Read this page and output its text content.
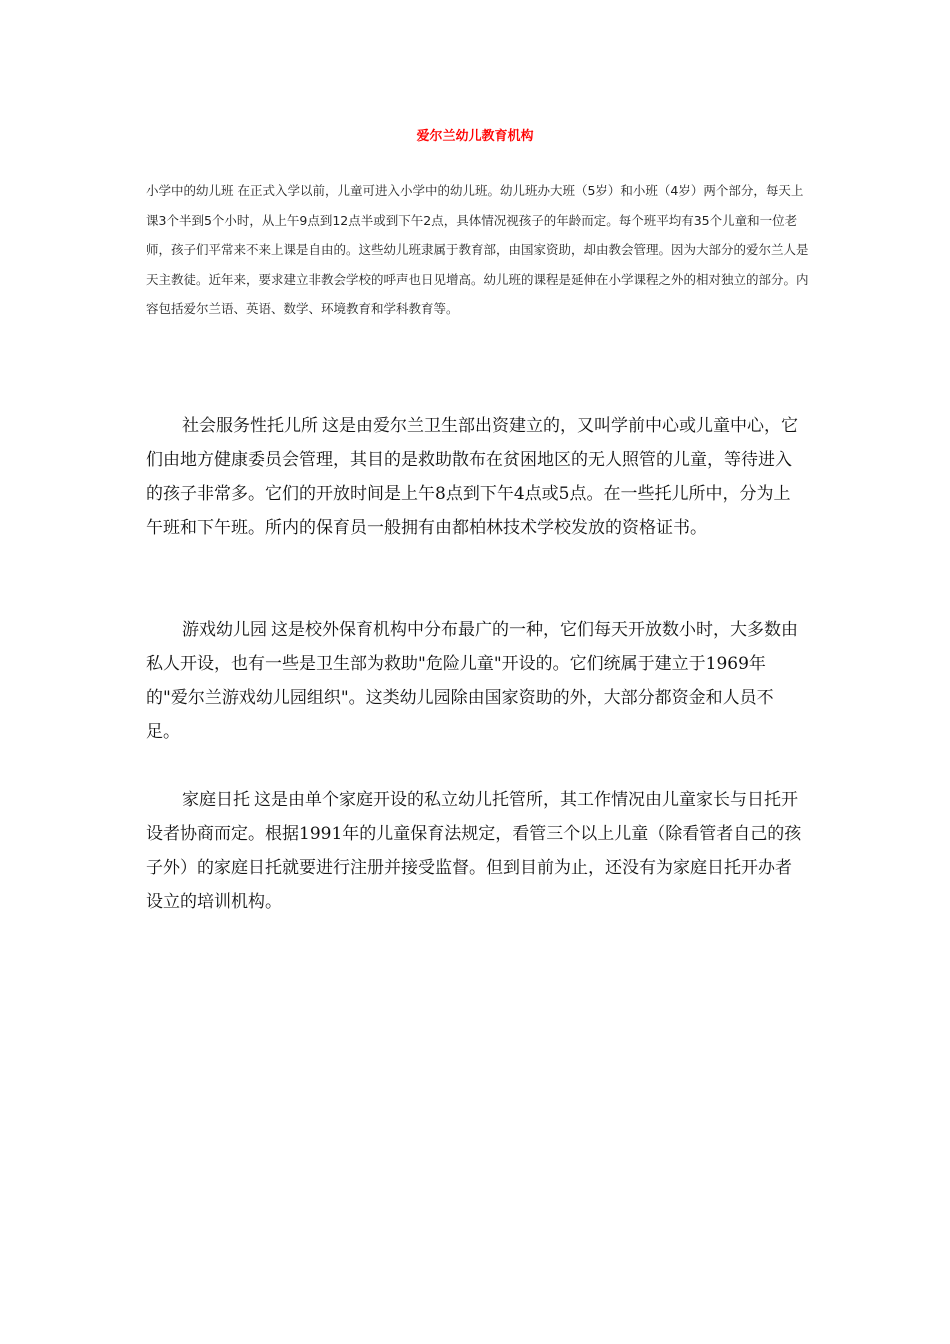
爱尔兰幼儿教育机构

小学中的幼儿班 在正式入学以前，儿童可进入小学中的幼儿班。幼儿班办大班（5岁）和小班（4岁）两个部分，每天上课3个半到5个小时，从上午9点到12点半或到下午2点，具体情况视孩子的年龄而定。每个班平均有35个儿童和一位老师，孩子们平常来不来上课是自由的。这些幼儿班隶属于教育部，由国家资助，却由教会管理。因为大部分的爱尔兰人是天主教徒。近年来，要求建立非教会学校的呼声也日见增高。幼儿班的课程是延伸在小学课程之外的相对独立的部分。内容包括爱尔兰语、英语、数学、环境教育和学科教育等。

社会服务性托儿所 这是由爱尔兰卫生部出资建立的，又叫学前中心或儿童中心，它们由地方健康委员会管理，其目的是救助散布在贫困地区的无人照管的儿童，等待进入的孩子非常多。它们的开放时间是上午8点到下午4点或5点。在一些托儿所中，分为上午班和下午班。所内的保育员一般拥有由都柏林技术学校发放的资格证书。

游戏幼儿园 这是校外保育机构中分布最广的一种，它们每天开放数小时，大多数由私人开设，也有一些是卫生部为救助"危险儿童"开设的。它们统属于建立于1969年的"爱尔兰游戏幼儿园组织"。这类幼儿园除由国家资助的外，大部分都资金和人员不足。

家庭日托 这是由单个家庭开设的私立幼儿托管所，其工作情况由儿童家长与日托开设者协商而定。根据1991年的儿童保育法规定，看管三个以上儿童（除看管者自己的孩子外）的家庭日托就要进行注册并接受监督。但到目前为止，还没有为家庭日托开办者设立的培训机构。
